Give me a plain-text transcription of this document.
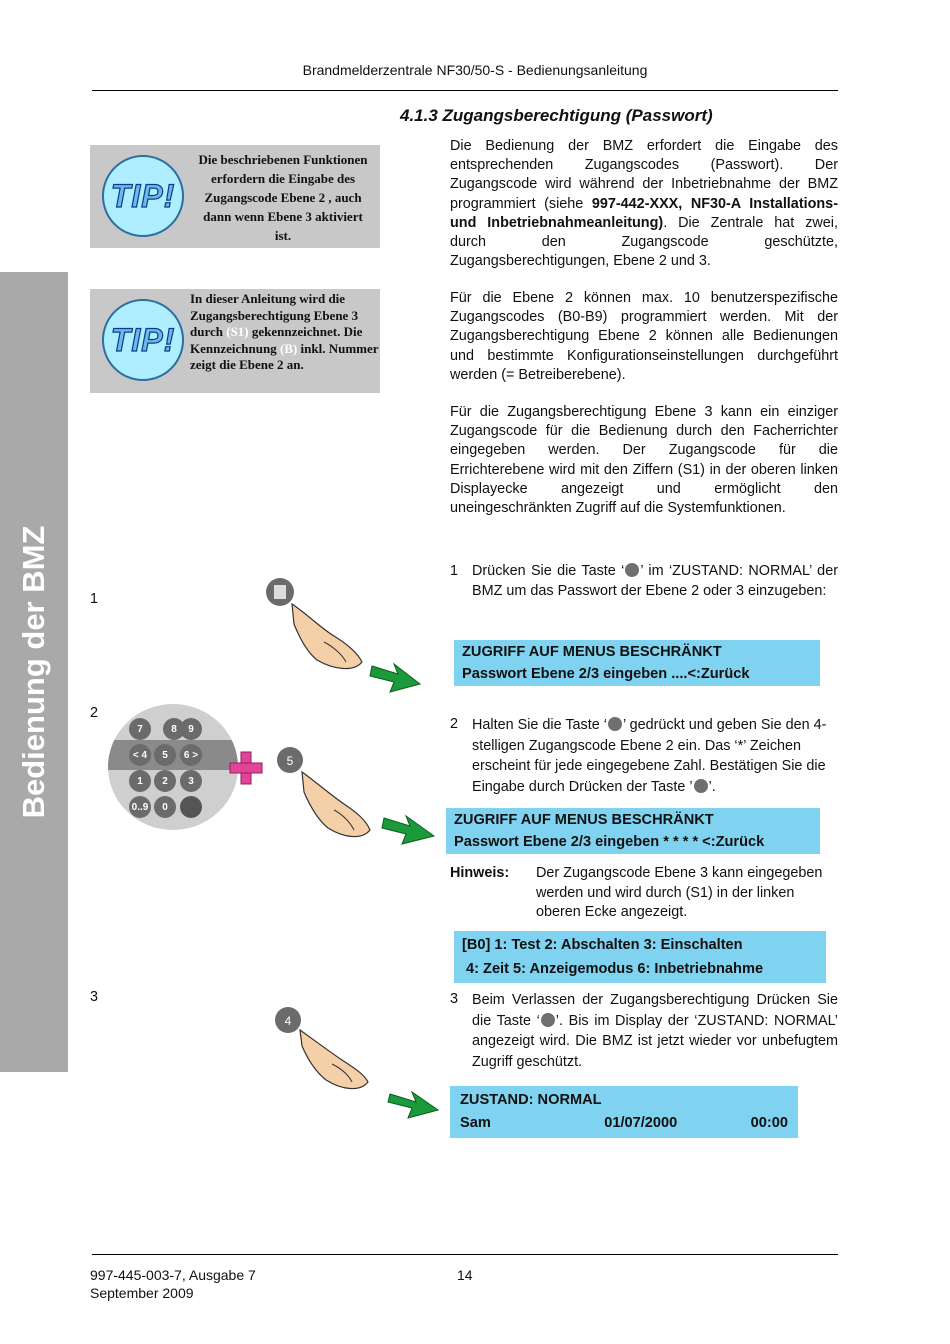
Brandmelderzentrale NF30/50-S - Bedienungsanleitung
4.1.3 Zugangsberechtigung (Passwort)
Bedienung der BMZ
TIP!
Die beschriebenen Funktionen erfordern die Eingabe des Zugangscode Ebene 2 , auch dann wenn Ebene 3 aktiviert ist.
TIP!
In dieser Anleitung wird die Zugangsberechtigung Ebene 3 durch (S1) gekennzeichnet. Die Kennzeichnung (B) inkl. Nummer zeigt die Ebene 2 an.
Die Bedienung der BMZ erfordert die Eingabe des entsprechenden Zugangscodes (Passwort). Der Zugangscode wird während der Inbetriebnahme der BMZ programmiert (siehe 997-442-XXX, NF30-A Installations- und Inbetriebnahmeanleitung). Die Zentrale hat zwei, durch den Zugangscode geschützte, Zugangsberechtigungen, Ebene 2 und 3.
Für die Ebene 2 können max. 10 benutzerspezifische Zugangscodes (B0-B9) programmiert werden. Mit der Zugangsberechtigung Ebene 2 können alle Bedienungen und bestimmte Konfigurationseinstellungen durchgeführt werden (= Betreiberebene).
Für die Zugangsberechtigung Ebene 3 kann ein einziger Zugangscode für die Bedienung durch den Facherrichter eingegeben werden. Der Zugangscode für die Errichterebene wird mit den Ziffern (S1) in der oberen linken Displayecke angezeigt und ermöglicht den uneingeschränkten Zugriff auf die Systemfunktionen.
1
2
3
1 Drücken Sie die Taste ‘ ’ im ‘ZUSTAND: NORMAL’ der BMZ um das Passwort der Ebene 2 oder 3 einzugeben:
ZUGRIFF AUF MENUS BESCHRÄNKT
Passwort Ebene 2/3 eingeben ....<:Zurück
7	8	9
< 4	5	6 >
1	2	3
0..9	0
5
2 Halten Sie die Taste ‘ ’ gedrückt und geben Sie den 4-stelligen Zugangscode Ebene 2 ein. Das ‘*’ Zeichen erscheint für jede eingegebene Zahl. Bestätigen Sie die Eingabe durch Drücken der Taste ’ ’.
ZUGRIFF AUF MENUS BESCHRÄNKT
Passwort Ebene 2/3 eingeben * * * * <:Zurück
Hinweis: Der Zugangscode Ebene 3 kann eingegeben werden und wird durch (S1) in der linken oberen Ecke angezeigt.
[B0] 1: Test 2: Abschalten 3: Einschalten
4: Zeit 5: Anzeigemodus 6: Inbetriebnahme
4
3 Beim Verlassen der Zugangsberechtigung Drücken Sie die Taste ‘ ’. Bis im Display der ‘ZUSTAND: NORMAL’ angezeigt wird. Die BMZ ist jetzt wieder vor unbefugtem Zugriff geschützt.
ZUSTAND: NORMAL
Sam	01/07/2000	00:00
997-445-003-7, Ausgabe 7
September 2009
14
